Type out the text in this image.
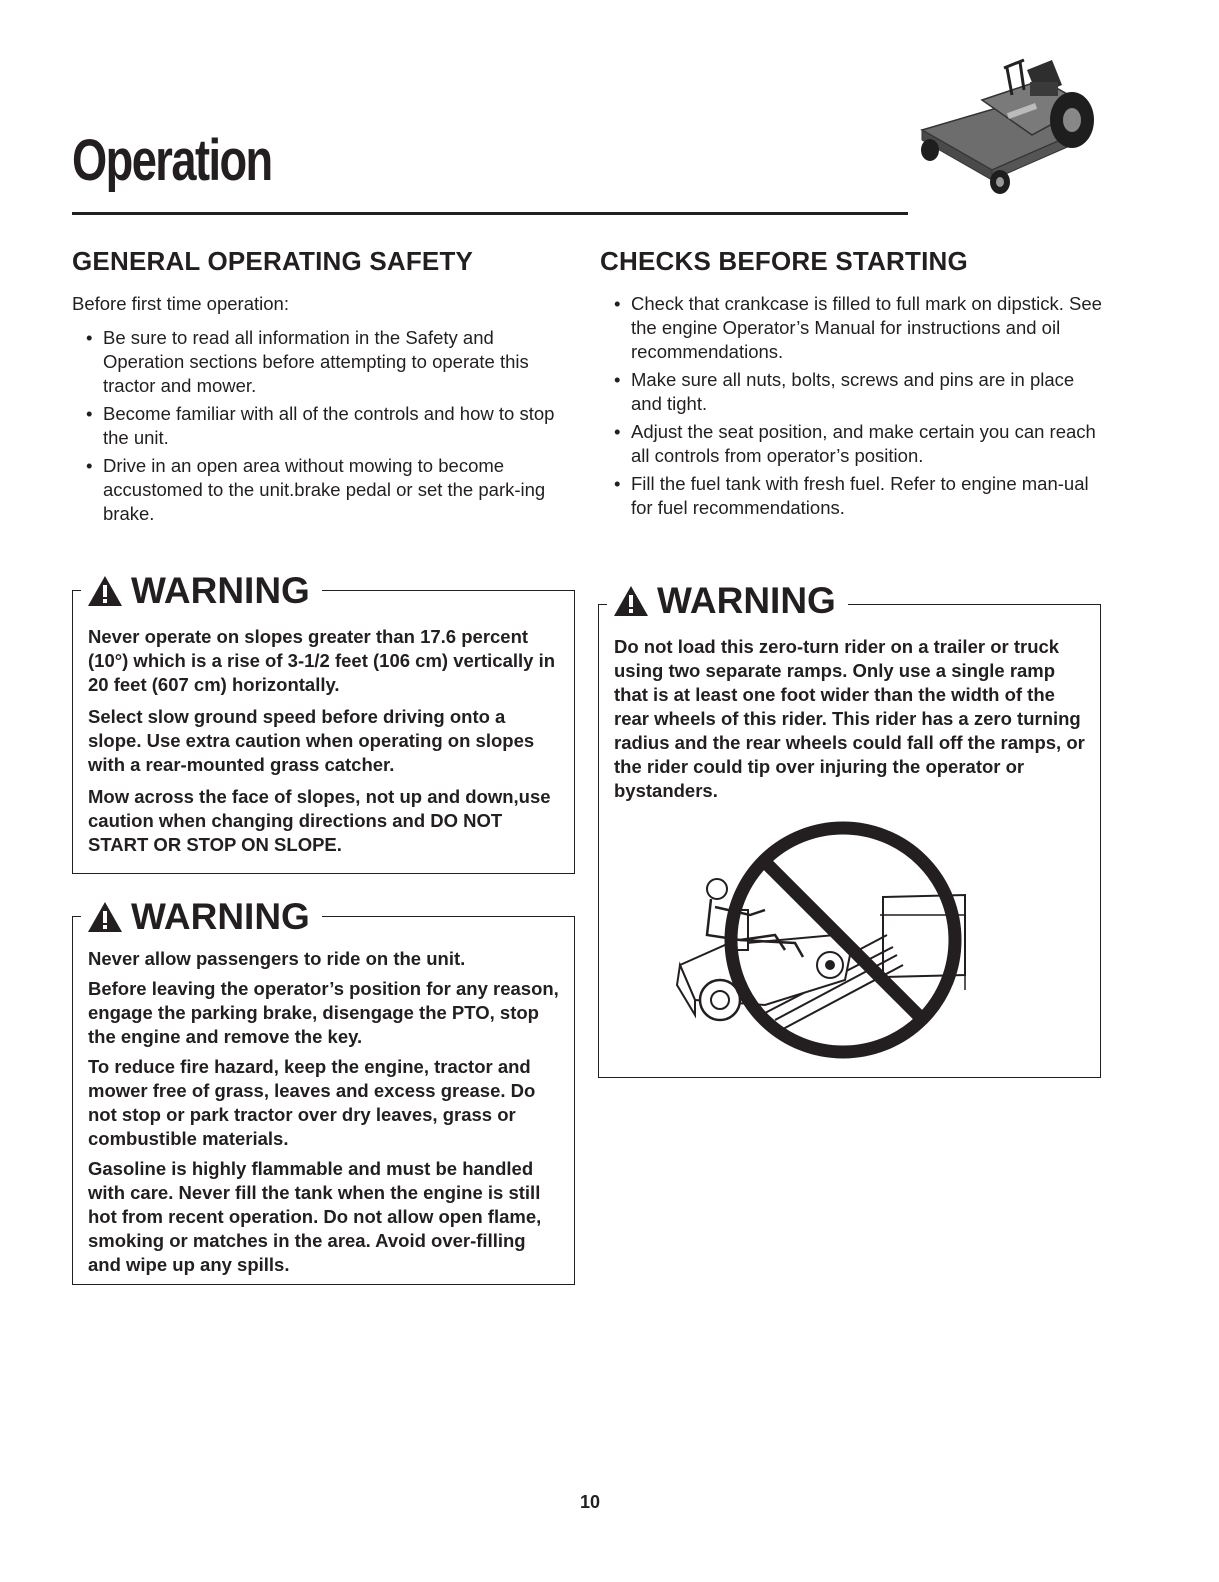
Operation
GENERAL OPERATING SAFETY

Before first time operation:

• Be sure to read all information in the Safety and Operation sections before attempting to operate this tractor and mower.
• Become familiar with all of the controls and how to stop the unit.
• Drive in an open area without mowing to become accustomed to the unit.brake pedal or set the park-ing brake.
CHECKS BEFORE STARTING
• Check that crankcase is filled to full mark on dipstick. See the engine Operator’s Manual for instructions and oil recommendations.
• Make sure all nuts, bolts, screws and pins are in place and tight.
• Adjust the seat position, and make certain you can reach all controls from operator’s position.
• Fill the fuel tank with fresh fuel. Refer to engine man-ual for fuel recommendations.
WARNING

Never operate on slopes greater than 17.6 percent (10°) which is a rise of 3-1/2 feet (106 cm) vertically in 20 feet (607 cm) horizontally.

Select slow ground speed before driving onto a slope. Use extra caution when operating on slopes with a rear-mounted grass catcher.

Mow across the face of slopes, not up and down,use caution when changing directions and DO NOT START OR STOP ON SLOPE.

WARNING

Never allow passengers to ride on the unit.

Before leaving the operator’s position for any reason, engage the parking brake, disengage the PTO, stop the engine and remove the key.

To reduce fire hazard, keep the engine, tractor and mower free of grass, leaves and excess grease. Do not stop or park tractor over dry leaves, grass or combustible materials.

Gasoline is highly flammable and must be handled with care. Never fill the tank when the engine is still hot from recent operation. Do not allow open flame, smoking or matches in the area. Avoid over-filling and wipe up any spills.

WARNING

Do not load this zero-turn rider on a trailer or truck using two separate ramps. Only use a single ramp that is at least one foot wider than the width of the rear wheels of this rider. This rider has a zero turning radius and the rear wheels could fall off the ramps, or the rider could tip over injuring the operator or bystanders.

10
